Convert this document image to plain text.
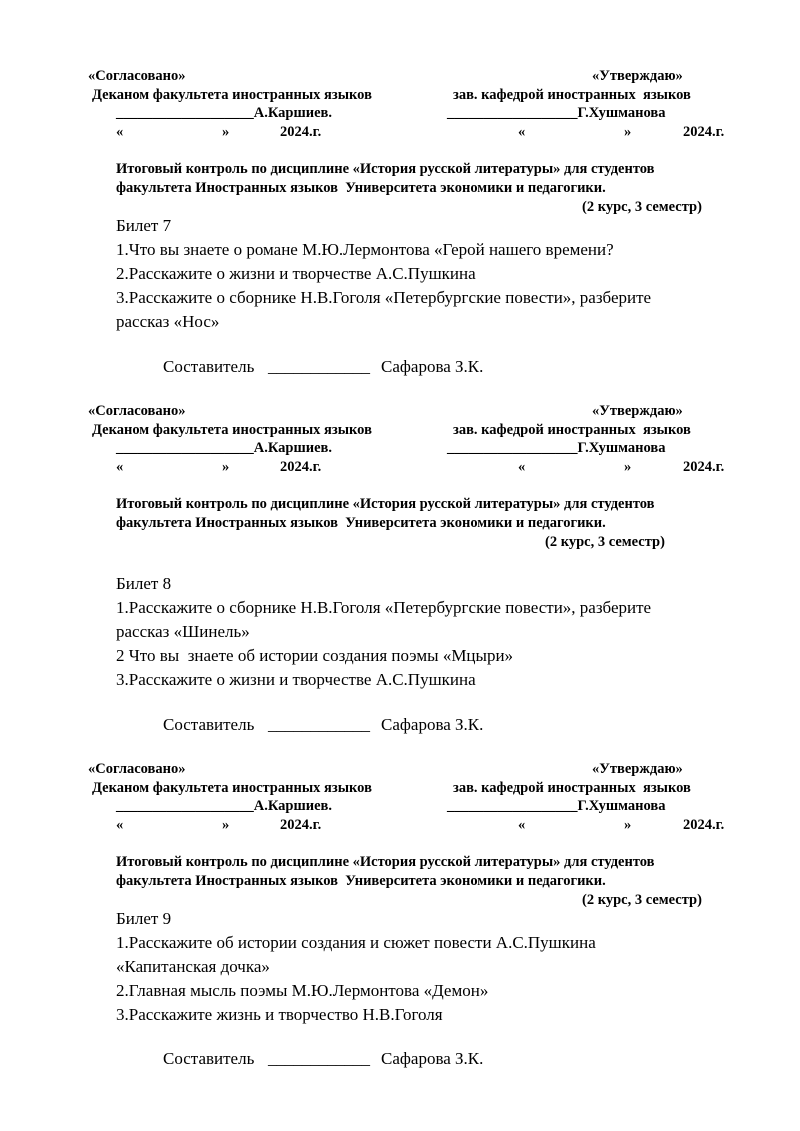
«Согласовано»	«Утверждаю»
Деканом факультета иностранных языков	зав. кафедрой иностранных  языков
___________________А.Каршиев.	__________________Г.Хушманова
«	»	2024.г.	«	»	2024.г.
Итоговый контроль по дисциплине «История русской литературы» для студентов
факультета Иностранных языков  Университета экономики и педагогики.
(2 курс, 3 семестр)
Билет 7
1.Что вы знаете о романе М.Ю.Лермонтова «Герой нашего времени?
2.Расскажите о жизни и творчестве А.С.Пушкина
3.Расскажите о сборнике Н.В.Гоголя «Петербургские повести», разберите
рассказ «Нос»
Составитель ____________ Сафарова З.К.
«Согласовано»	«Утверждаю»
Деканом факультета иностранных языков	зав. кафедрой иностранных  языков
___________________А.Каршиев.	__________________Г.Хушманова
«	»	2024.г.	«	»	2024.г.
Итоговый контроль по дисциплине «История русской литературы» для студентов
факультета Иностранных языков  Университета экономики и педагогики.
(2 курс, 3 семестр)
Билет 8
1.Расскажите о сборнике Н.В.Гоголя «Петербургские повести», разберите
рассказ «Шинель»
2 Что вы  знаете об истории создания поэмы «Мцыри»
3.Расскажите о жизни и творчестве А.С.Пушкина
Составитель ____________ Сафарова З.К.
«Согласовано»	«Утверждаю»
Деканом факультета иностранных языков	зав. кафедрой иностранных  языков
___________________А.Каршиев.	__________________Г.Хушманова
«	»	2024.г.	«	»	2024.г.
Итоговый контроль по дисциплине «История русской литературы» для студентов
факультета Иностранных языков  Университета экономики и педагогики.
(2 курс, 3 семестр)
Билет 9
1.Расскажите об истории создания и сюжет повести А.С.Пушкина
«Капитанская дочка»
2.Главная мысль поэмы М.Ю.Лермонтова «Демон»
3.Расскажите жизнь и творчество Н.В.Гоголя
Составитель ____________ Сафарова З.К.
